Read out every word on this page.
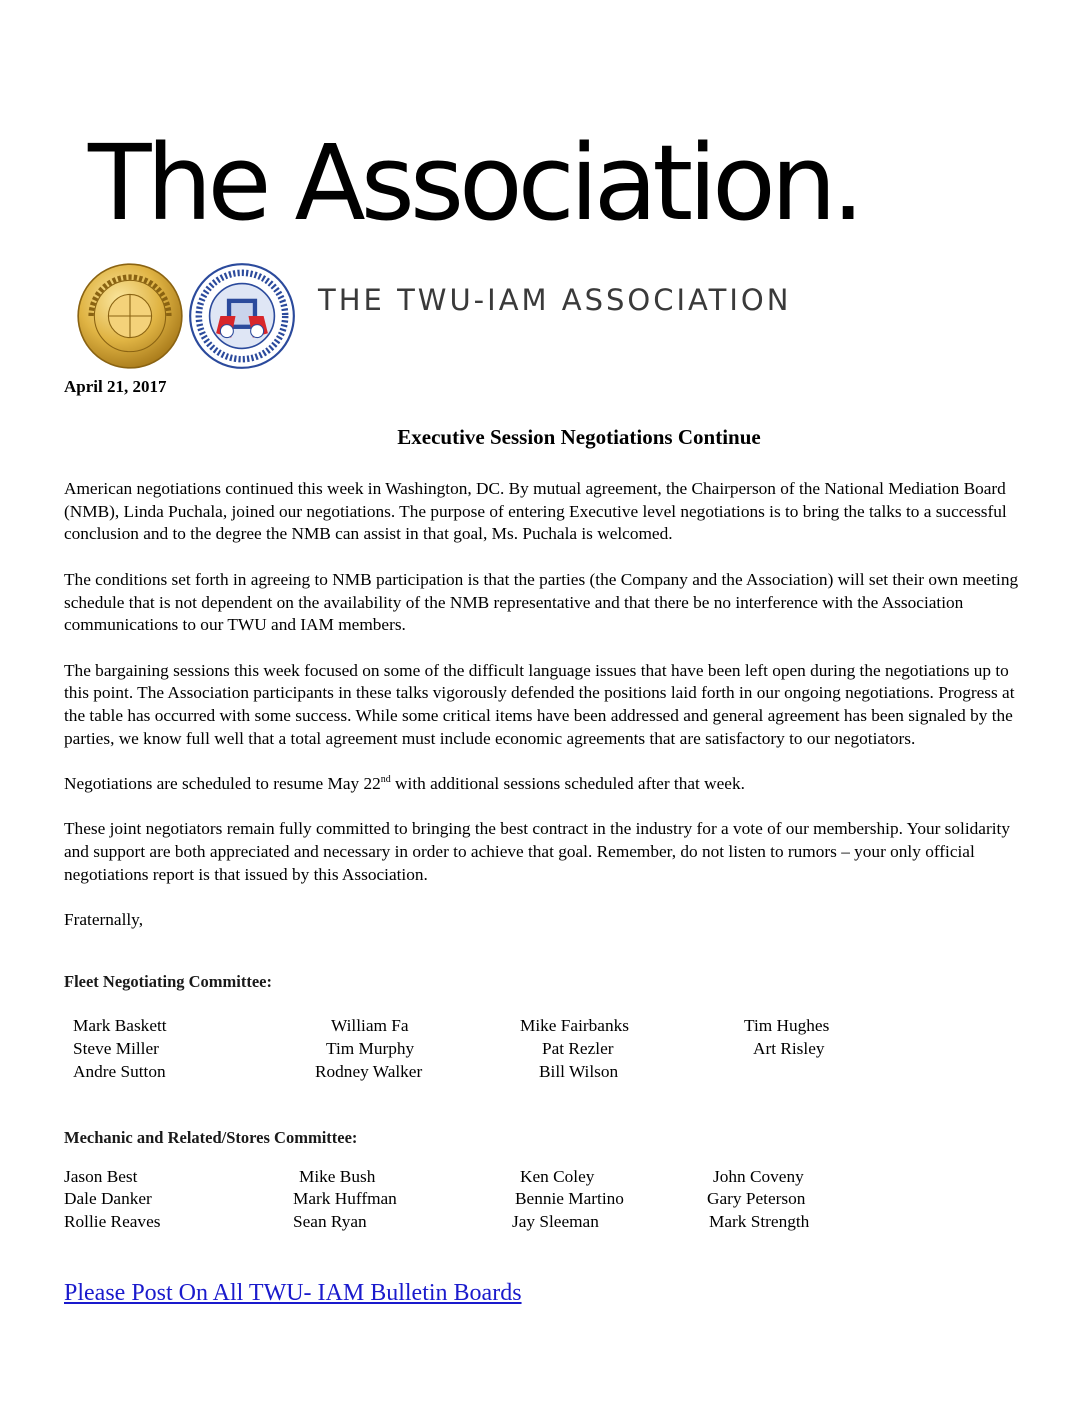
The Association.
THE TWU-IAM ASSOCIATION
April 21, 2017
Executive Session Negotiations Continue

American negotiations continued this week in Washington, DC. By mutual agreement, the Chairperson of the National Mediation Board (NMB), Linda Puchala, joined our negotiations. The purpose of entering Executive level negotiations is to bring the talks to a successful conclusion and to the degree the NMB can assist in that goal, Ms. Puchala is welcomed.

The conditions set forth in agreeing to NMB participation is that the parties (the Company and the Association) will set their own meeting schedule that is not dependent on the availability of the NMB representative and that there be no interference with the Association communications to our TWU and IAM members.

The bargaining sessions this week focused on some of the difficult language issues that have been left open during the negotiations up to this point. The Association participants in these talks vigorously defended the positions laid forth in our ongoing negotiations. Progress at the table has occurred with some success. While some critical items have been addressed and general agreement has been signaled by the parties, we know full well that a total agreement must include economic agreements that are satisfactory to our negotiators.

Negotiations are scheduled to resume May 22nd with additional sessions scheduled after that week.

These joint negotiators remain fully committed to bringing the best contract in the industry for a vote of our membership. Your solidarity and support are both appreciated and necessary in order to achieve that goal. Remember, do not listen to rumors – your only official negotiations report is that issued by this Association.

Fraternally,

Fleet Negotiating Committee:
Mark Baskett	William Fa	Mike Fairbanks	Tim Hughes
Steve Miller	Tim Murphy	Pat Rezler	Art Risley
Andre Sutton	Rodney Walker	Bill Wilson
Mechanic and Related/Stores Committee:
Jason Best	Mike Bush	Ken Coley	John Coveny
Dale Danker	Mark Huffman	Bennie Martino	Gary Peterson
Rollie Reaves	Sean Ryan	Jay Sleeman	Mark Strength
Please Post On All TWU- IAM Bulletin Boards
